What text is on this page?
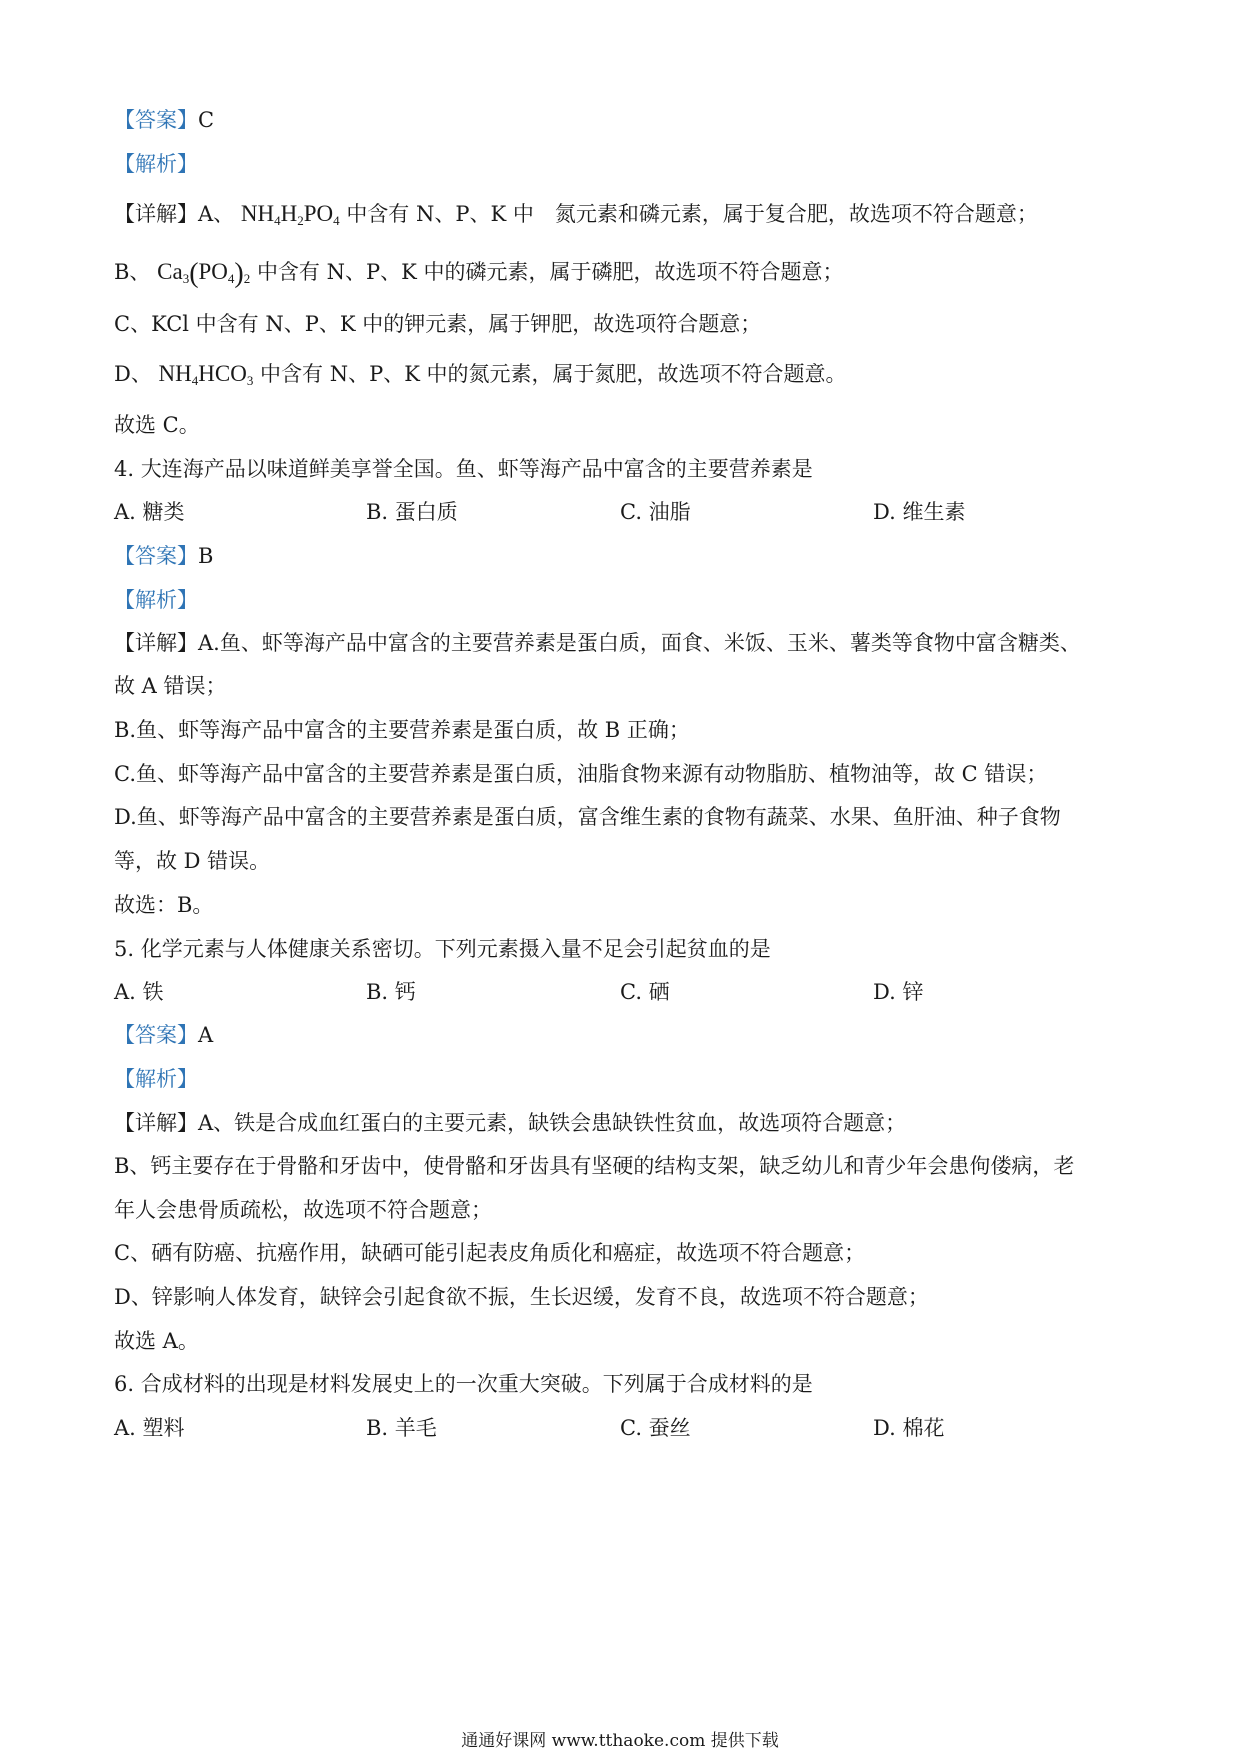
【答案】C
【解析】
【详解】A、 $NH_4H_2PO_4$ 中含有 N、P、K 中　氮元素和磷元素，属于复合肥，故选项不符合题意；
B、 $Ca_3(PO_4)_2$ 中含有 N、P、K 中的磷元素，属于磷肥，故选项不符合题意；
C、KCl 中含有 N、P、K 中的钾元素，属于钾肥，故选项符合题意；
D、 $NH_4HCO_3$ 中含有 N、P、K 中的氮元素，属于氮肥，故选项不符合题意。
故选 C。
4. 大连海产品以味道鲜美享誉全国。鱼、虾等海产品中富含的主要营养素是
A. 糖类	B. 蛋白质	C. 油脂	D. 维生素
【答案】B
【解析】
【详解】A.鱼、虾等海产品中富含的主要营养素是蛋白质，面食、米饭、玉米、薯类等食物中富含糖类、
故 A 错误；
B.鱼、虾等海产品中富含的主要营养素是蛋白质，故 B 正确；
C.鱼、虾等海产品中富含的主要营养素是蛋白质，油脂食物来源有动物脂肪、植物油等，故 C 错误；
D.鱼、虾等海产品中富含的主要营养素是蛋白质，富含维生素的食物有蔬菜、水果、鱼肝油、种子食物
等，故 D 错误。
故选：B。
5. 化学元素与人体健康关系密切。下列元素摄入量不足会引起贫血的是
A. 铁	B. 钙	C. 硒	D. 锌
【答案】A
【解析】
【详解】A、铁是合成血红蛋白的主要元素，缺铁会患缺铁性贫血，故选项符合题意；
B、钙主要存在于骨骼和牙齿中，使骨骼和牙齿具有坚硬的结构支架，缺乏幼儿和青少年会患佝偻病，老
年人会患骨质疏松，故选项不符合题意；
C、硒有防癌、抗癌作用，缺硒可能引起表皮角质化和癌症，故选项不符合题意；
D、锌影响人体发育，缺锌会引起食欲不振，生长迟缓，发育不良，故选项不符合题意；
故选 A。
6. 合成材料的出现是材料发展史上的一次重大突破。下列属于合成材料的是
A. 塑料	B. 羊毛	C. 蚕丝	D. 棉花
通通好课网 www.tthaoke.com 提供下载
